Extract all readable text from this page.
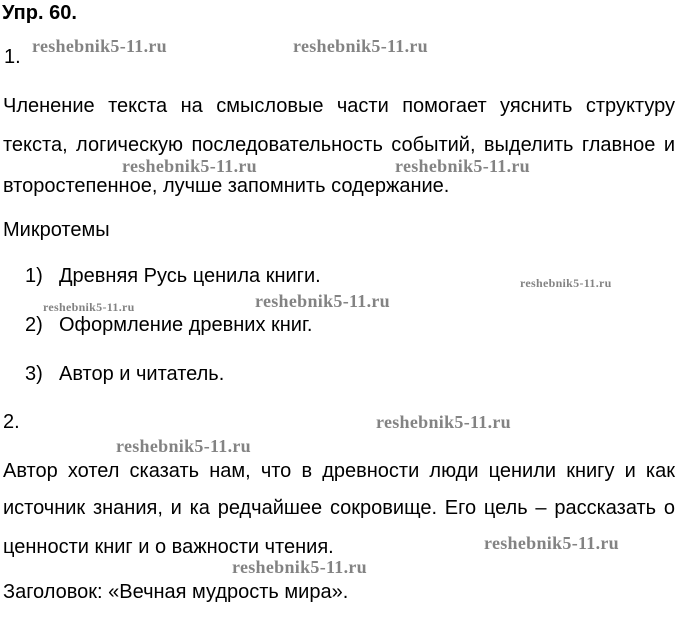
Упр. 60.
1.
Членение текста на смысловые части помогает уяснить структуру
текста, логическую последовательность событий, выделить главное и
второстепенное, лучше запомнить содержание.
Микротемы
1) Древняя Русь ценила книги.
2) Оформление древних книг.
3) Автор и читатель.
2.
Автор хотел сказать нам, что в древности люди ценили книгу и как
источник знания, и ка редчайшее сокровище. Его цель – рассказать о
ценности книг и о важности чтения.
Заголовок: «Вечная мудрость мира».
reshebnik5-11.ru	reshebnik5-11.ru
reshebnik5-11.ru	reshebnik5-11.ru
reshebnik5-11.ru
reshebnik5-11.ru	reshebnik5-11.ru
reshebnik5-11.ru
reshebnik5-11.ru
reshebnik5-11.ru
reshebnik5-11.ru
